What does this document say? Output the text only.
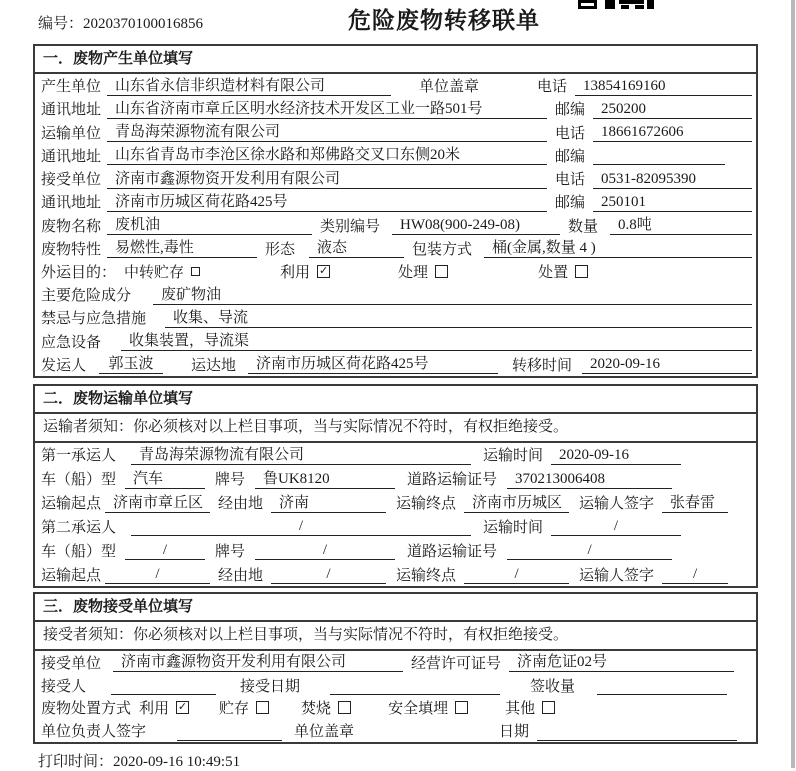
编号：2020370100016856	危险废物转移联单
一．废物产生单位填写
产生单位 山东省永信非织造材料有限公司	单位盖章	电话	13854169160
通讯地址 山东省济南市章丘区明水经济技术开发区工业一路501号	邮编	250200
运输单位 青岛海荣源物流有限公司	电话	18661672606
通讯地址 山东省青岛市李沧区徐水路和郑佛路交叉口东侧20米	邮编
接受单位 济南市鑫源物资开发利用有限公司	电话	0531-82095390
通讯地址 济南市历城区荷花路425号	邮编	250101
废物名称 废机油	类别编号	HW08(900-249-08)	数量	0.8吨
废物特性 易燃性,毒性	形态	液态	包装方式	桶(金属,数量 4 )
外运目的： 中转贮存	利用 ✓	处理	处置
主要危险成分	废矿物油
禁忌与应急措施	收集、导流
应急设备	收集装置，导流渠
发运人	郭玉波	运达地	济南市历城区荷花路425号	转移时间	2020-09-16
二．废物运输单位填写
运输者须知：你必须核对以上栏目事项，当与实际情况不符时，有权拒绝接受。
第一承运人	青岛海荣源物流有限公司	运输时间	2020-09-16
车（船）型	汽车	牌号	鲁UK8120	道路运输证号	370213006408
运输起点 济南市章丘区 经由地	济南	运输终点	济南市历城区	运输人签字	张春雷
第二承运人	/	运输时间	/
车（船）型	/	牌号	/	道路运输证号	/
运输起点	/	经由地	/	运输终点	/	运输人签字	/
三．废物接受单位填写
接受者须知：你必须核对以上栏目事项，当与实际情况不符时，有权拒绝接受。
接受单位	济南市鑫源物资开发利用有限公司	经营许可证号	济南危证02号
接受人	接受日期	签收量
废物处置方式 利用 ✓ 贮存	焚烧	安全填埋	其他
单位负责人签字	单位盖章	日期
打印时间：2020-09-16 10:49:51
